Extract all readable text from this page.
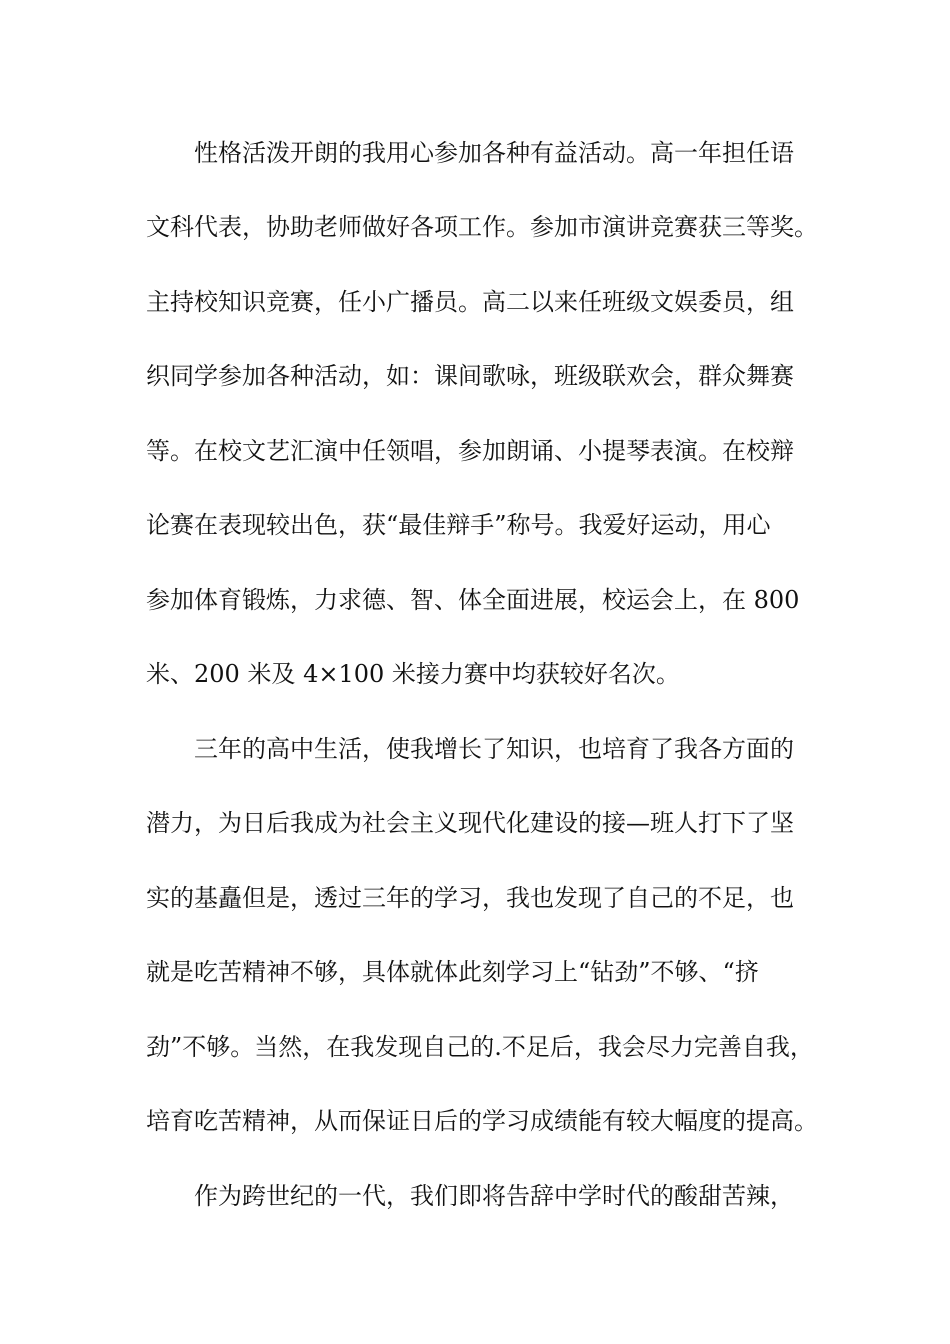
性格活泼开朗的我用心参加各种有益活动。高一年担任语
文科代表，协助老师做好各项工作。参加市演讲竞赛获三等奖。
主持校知识竞赛，任小广播员。高二以来任班级文娱委员，组
织同学参加各种活动，如：课间歌咏，班级联欢会，群众舞赛
等。在校文艺汇演中任领唱，参加朗诵、小提琴表演。在校辩
论赛在表现较出色，获“最佳辩手”称号。我爱好运动，用心
参加体育锻炼，力求德、智、体全面进展，校运会上，在 800
米、200 米及 4×100 米接力赛中均获较好名次。
三年的高中生活，使我增长了知识，也培育了我各方面的
潜力，为日后我成为社会主义现代化建设的接—班人打下了坚
实的基矗但是，透过三年的学习，我也发现了自己的不足，也
就是吃苦精神不够，具体就体此刻学习上“钻劲”不够、“挤
劲”不够。当然，在我发现自己的.不足后，我会尽力完善自我，
培育吃苦精神，从而保证日后的学习成绩能有较大幅度的提高。
作为跨世纪的一代，我们即将告辞中学时代的酸甜苦辣，
